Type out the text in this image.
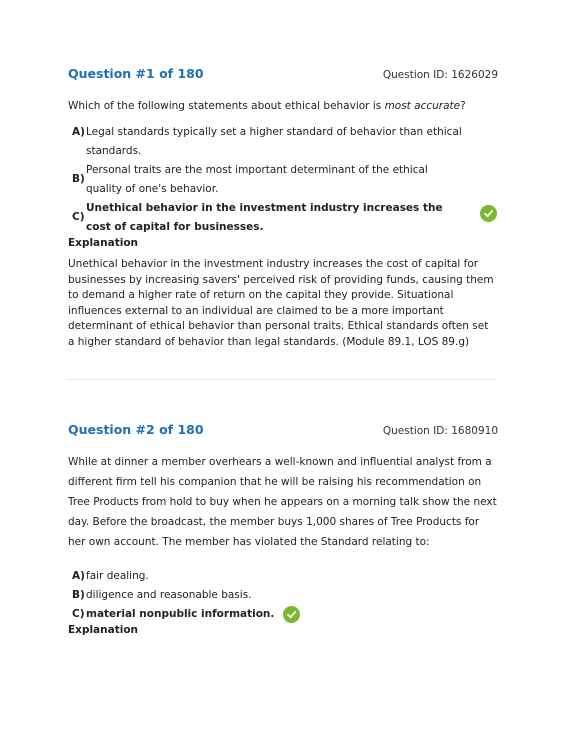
Question #1 of 180	Question ID: 1626029
Which of the following statements about ethical behavior is most accurate?
A) Legal standards typically set a higher standard of behavior than ethical standards.
B)
Personal traits are the most important determinant of the ethical quality of one's behavior.
C)
Unethical behavior in the investment industry increases the cost of capital for businesses.
Explanation
Unethical behavior in the investment industry increases the cost of capital for businesses by increasing savers' perceived risk of providing funds, causing them to demand a higher rate of return on the capital they provide. Situational influences external to an individual are claimed to be a more important determinant of ethical behavior than personal traits. Ethical standards often set a higher standard of behavior than legal standards. (Module 89.1, LOS 89.g)
Question #2 of 180	Question ID: 1680910
While at dinner a member overhears a well-known and influential analyst from a different firm tell his companion that he will be raising his recommendation on Tree Products from hold to buy when he appears on a morning talk show the next day. Before the broadcast, the member buys 1,000 shares of Tree Products for her own account. The member has violated the Standard relating to:
A) fair dealing.
B) diligence and reasonable basis.
C) material nonpublic information.
Explanation
